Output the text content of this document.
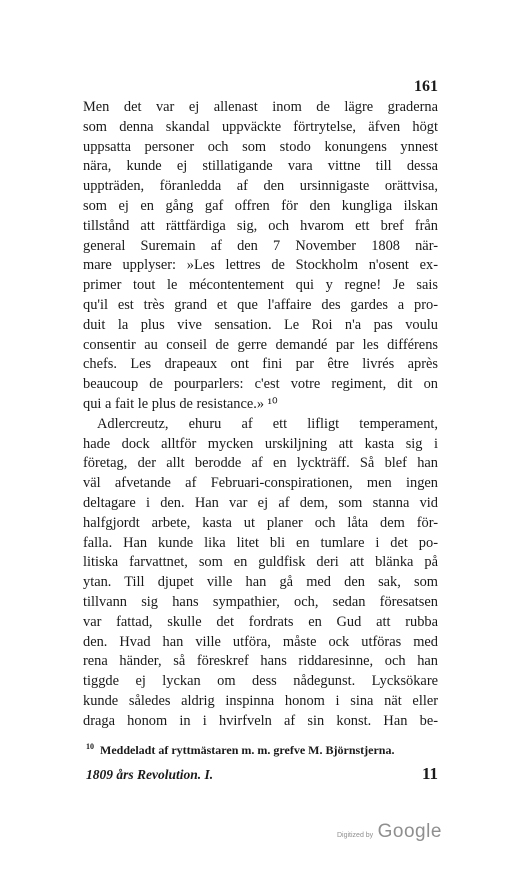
161
Men det var ej allenast inom de lägre graderna
som denna skandal uppväckte förtrytelse, äfven högt
uppsatta personer och som stodo konungens ynnest
nära, kunde ej stillatigande vara vittne till dessa
uppträden, föranledda af den ursinnigaste orättvisa,
som ej en gång gaf offren för den kungliga ilskan
tillstånd att rättfärdiga sig, och hvarom ett bref från
general Suremain af den 7 November 1808 när-
mare upplyser: »Les lettres de Stockholm n'osent ex-
primer tout le mécontentement qui y regne! Je sais
qu'il est très grand et que l'affaire des gardes a pro-
duit la plus vive sensation. Le Roi n'a pas voulu
consentir au conseil de gerre demandé par les différens
chefs. Les drapeaux ont fini par être livrés après
beaucoup de pourparlers: c'est votre regiment, dit on
qui a fait le plus de resistance.» ¹⁰
Adlercreutz, ehuru af ett lifligt temperament,
hade dock alltför mycken urskiljning att kasta sig i
företag, der allt berodde af en lyckträff. Så blef han
väl afvetande af Februari-conspirationen, men ingen
deltagare i den. Han var ej af dem, som stanna vid
halfgjordt arbete, kasta ut planer och låta dem för-
falla. Han kunde lika litet bli en tumlare i det po-
litiska farvattnet, som en guldfisk deri att blänka på
ytan. Till djupet ville han gå med den sak, som
tillvann sig hans sympathier, och, sedan föresatsen
var fattad, skulle det fordrats en Gud att rubba
den. Hvad han ville utföra, måste ock utföras med
rena händer, så föreskref hans riddaresinne, och han
tiggde ej lyckan om dess nådegunst. Lycksökare
kunde således aldrig inspinna honom i sina nät eller
draga honom in i hvirfveln af sin konst. Han be-
$^{10}$ Meddeladt af ryttmästaren m. m. grefve M. Björnstjerna.
1809 års Revolution. I.	11
Digitized by Google
